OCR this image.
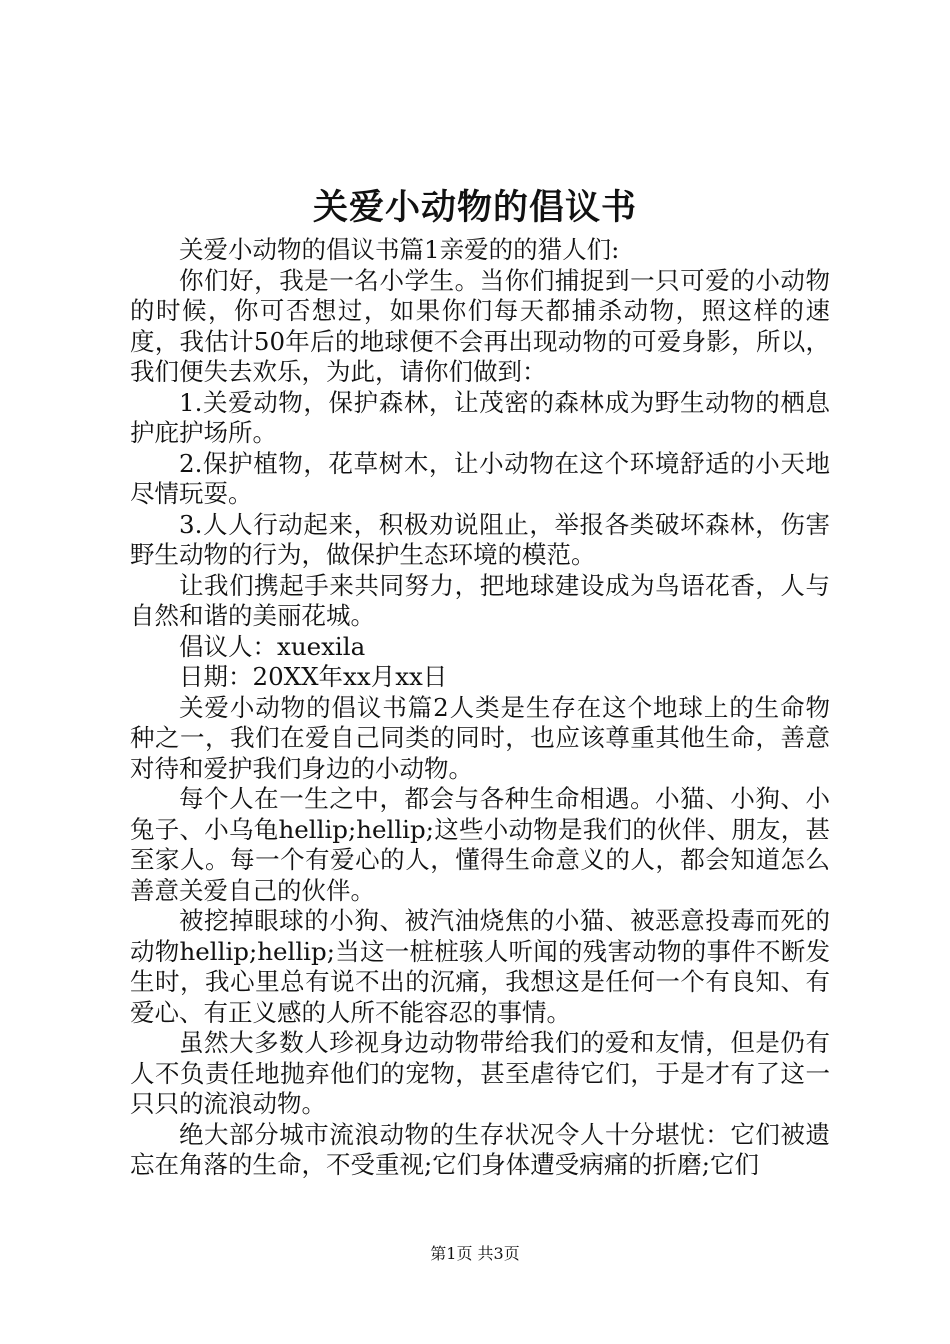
关爱小动物的倡议书

关爱小动物的倡议书篇1亲爱的的猎人们:

你们好，我是一名小学生。当你们捕捉到一只可爱的小动物的时候，你可否想过，如果你们每天都捕杀动物，照这样的速度，我估计50年后的地球便不会再出现动物的可爱身影，所以，我们便失去欢乐，为此，请你们做到：

1.关爱动物，保护森林，让茂密的森林成为野生动物的栖息护庇护场所。

2.保护植物，花草树木，让小动物在这个环境舒适的小天地尽情玩耍。

3.人人行动起来，积极劝说阻止，举报各类破坏森林，伤害野生动物的行为，做保护生态环境的模范。

让我们携起手来共同努力，把地球建设成为鸟语花香，人与自然和谐的美丽花城。

倡议人：xuexila

日期：20XX年xx月xx日

关爱小动物的倡议书篇2人类是生存在这个地球上的生命物种之一，我们在爱自己同类的同时，也应该尊重其他生命，善意对待和爱护我们身边的小动物。

每个人在一生之中，都会与各种生命相遇。小猫、小狗、小兔子、小乌龟hellip;hellip;这些小动物是我们的伙伴、朋友，甚至家人。每一个有爱心的人，懂得生命意义的人，都会知道怎么善意关爱自己的伙伴。

被挖掉眼球的小狗、被汽油烧焦的小猫、被恶意投毒而死的动物hellip;hellip;当这一桩桩骇人听闻的残害动物的事件不断发生时，我心里总有说不出的沉痛，我想这是任何一个有良知、有爱心、有正义感的人所不能容忍的事情。

虽然大多数人珍视身边动物带给我们的爱和友情，但是仍有人不负责任地抛弃他们的宠物，甚至虐待它们，于是才有了这一只只的流浪动物。

绝大部分城市流浪动物的生存状况令人十分堪忧：它们被遗忘在角落的生命，不受重视;它们身体遭受病痛的折磨;它们

第1页 共3页
